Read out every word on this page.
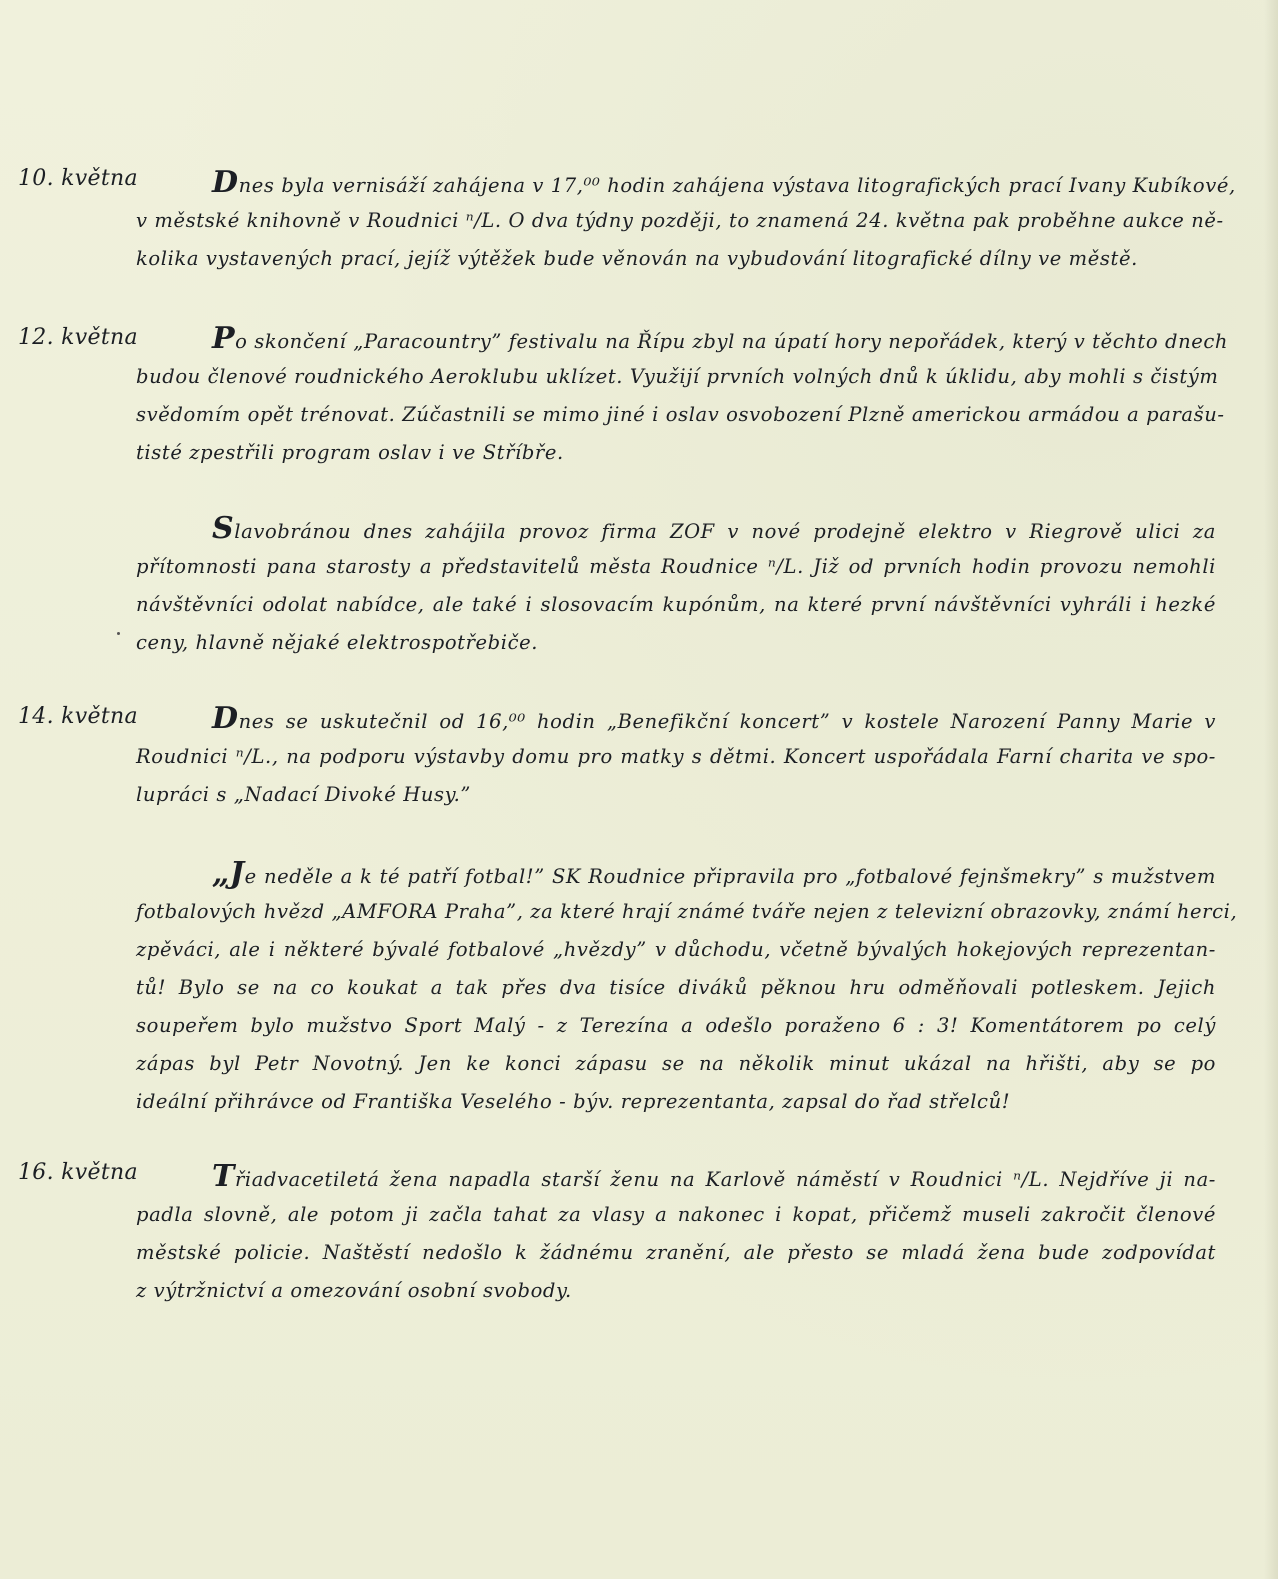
10. května	Dnes byla vernisáží zahájena v 17,⁰⁰ hodin zahájena výstava litografických prací Ivany Kubíkové,
v městské knihovně v Roudnici ⁿ/L. O dva týdny později, to znamená 24. května pak proběhne aukce ně-
kolika vystavených prací, jejíž výtěžek bude věnován na vybudování litografické dílny ve městě.
12. května	Po skončení „Paracountry” festivalu na Řípu zbyl na úpatí hory nepořádek, který v těchto dnech
budou členové roudnického Aeroklubu uklízet. Využijí prvních volných dnů k úklidu, aby mohli s čistým
svědomím opět trénovat. Zúčastnili se mimo jiné i oslav osvobození Plzně americkou armádou a parašu-
tisté zpestřili program oslav i ve Stříbře.
Slavobránou dnes zahájila provoz firma ZOF v nové prodejně elektro v Riegrově ulici za
přítomnosti pana starosty a představitelů města Roudnice ⁿ/L. Již od prvních hodin provozu nemohli
návštěvníci odolat nabídce, ale také i slosovacím kupónům, na které první návštěvníci vyhráli i hezké
ceny, hlavně nějaké elektrospotřebiče.
14. května	Dnes se uskutečnil od 16,⁰⁰ hodin „Benefikční koncert” v kostele Narození Panny Marie v
Roudnici ⁿ/L., na podporu výstavby domu pro matky s dětmi. Koncert uspořádala Farní charita ve spo-
lupráci s „Nadací Divoké Husy.”
„Je neděle a k té patří fotbal!” SK Roudnice připravila pro „fotbalové fejnšmekry” s mužstvem
fotbalových hvězd „AMFORA Praha”, za které hrají známé tváře nejen z televizní obrazovky, známí herci,
zpěváci, ale i některé bývalé fotbalové „hvězdy” v důchodu, včetně bývalých hokejových reprezentan-
tů! Bylo se na co koukat a tak přes dva tisíce diváků pěknou hru odměňovali potleskem. Jejich
soupeřem bylo mužstvo Sport Malý - z Terezína a odešlo poraženo 6 : 3! Komentátorem po celý
zápas byl Petr Novotný. Jen ke konci zápasu se na několik minut ukázal na hřišti, aby se po
ideální přihrávce od Františka Veselého - býv. reprezentanta, zapsal do řad střelců!
16. května	Třiadvacetiletá žena napadla starší ženu na Karlově náměstí v Roudnici ⁿ/L. Nejdříve ji na-
padla slovně, ale potom ji začla tahat za vlasy a nakonec i kopat, přičemž museli zakročit členové
městské policie. Naštěstí nedošlo k žádnému zranění, ale přesto se mladá žena bude zodpovídat
z výtržnictví a omezování osobní svobody.
